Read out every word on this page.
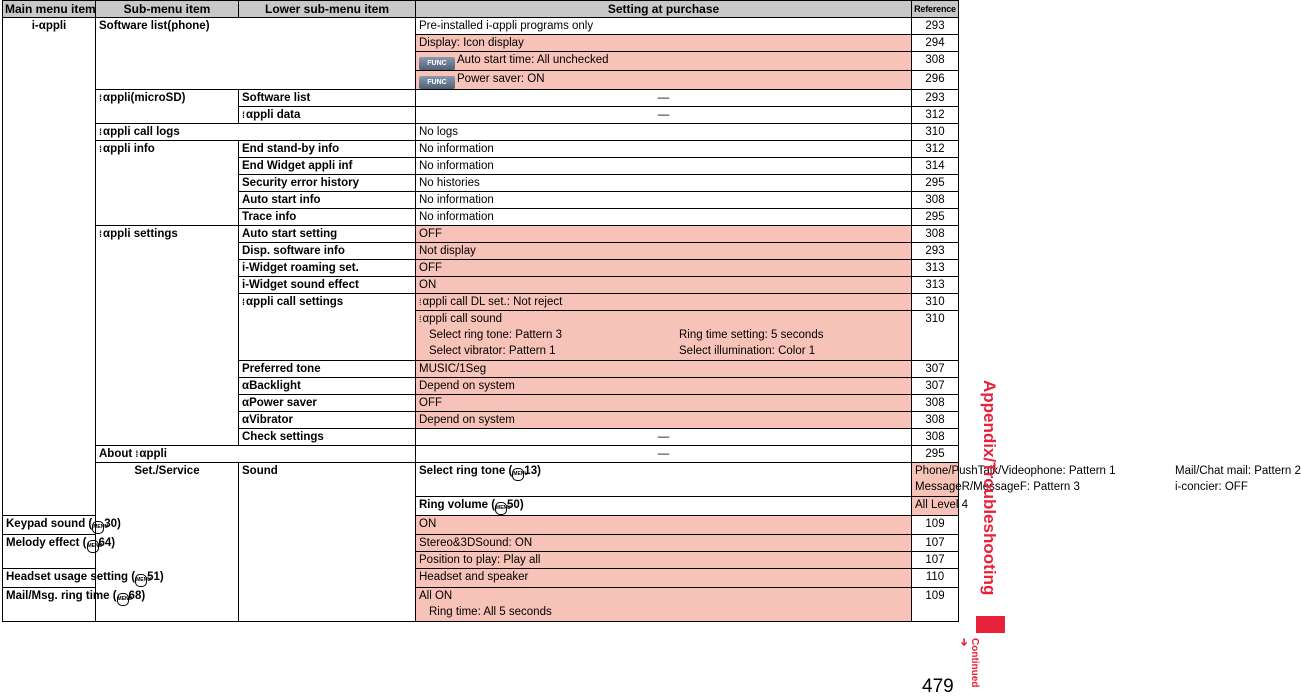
Main menu item	Sub-menu item	Lower sub-menu item	Setting at purchase	Reference	
i-αppli	Software list(phone)		Pre-installed i-αppli programs only	293	
			Display: Icon display	294	
			FUNC Auto start time: All unchecked	308	
			FUNC Power saver: ON	296	
	⁞ αppli(microSD)	Software list	—	293	
		⁞ αppli data	—	312	
	⁞ αppli call logs		No logs	310	
	⁞ αppli info	End stand-by info	No information	312	
		End Widget appli inf	No information	314	
		Security error history	No histories	295	
		Auto start info	No information	308	
		Trace info	No information	295	
	⁞ αppli settings	Auto start setting	OFF	308	
		Disp. software info	Not display	293	
		i-Widget roaming set.	OFF	313	
		i-Widget sound effect	ON	313	
		⁞ αppli call settings	⁞ αppli call DL set.: Not reject	310	

			⁞ αppli call sound
Select ring tone: Pattern 3 Ring time setting: 5 seconds
Select vibrator: Pattern 1 Select illumination: Color 1	310	
		Preferred tone	MUSIC/1Seg	307	
		αBacklight	Depend on system	307	
		αPower saver	OFF	308	
		αVibrator	Depend on system	308	
		Check settings	—	308	
	About ⁞ αppli		—	295	
	Set./Service	Sound	Select ring tone (MENU13)	Phone/PushTalk/Videophone: Pattern 1 Mail/Chat mail: Pattern 2
MessageR/MessageF: Pattern 3 i-concier: OFF

			Ring volume (MENU50)	All Level 4	
Keypad sound (MENU30)			ON	109	
Melody effect (MENU64)			Stereo&3DSound: ON	107	
			Position to play: Play all	107	
Headset usage setting (MENU51)			Headset and speaker	110	
Mail/Msg. ring time (MENU68)			All ON
Ring time: All 5 seconds	109	
Appendix/Troubleshooting
Continued ➔
479
